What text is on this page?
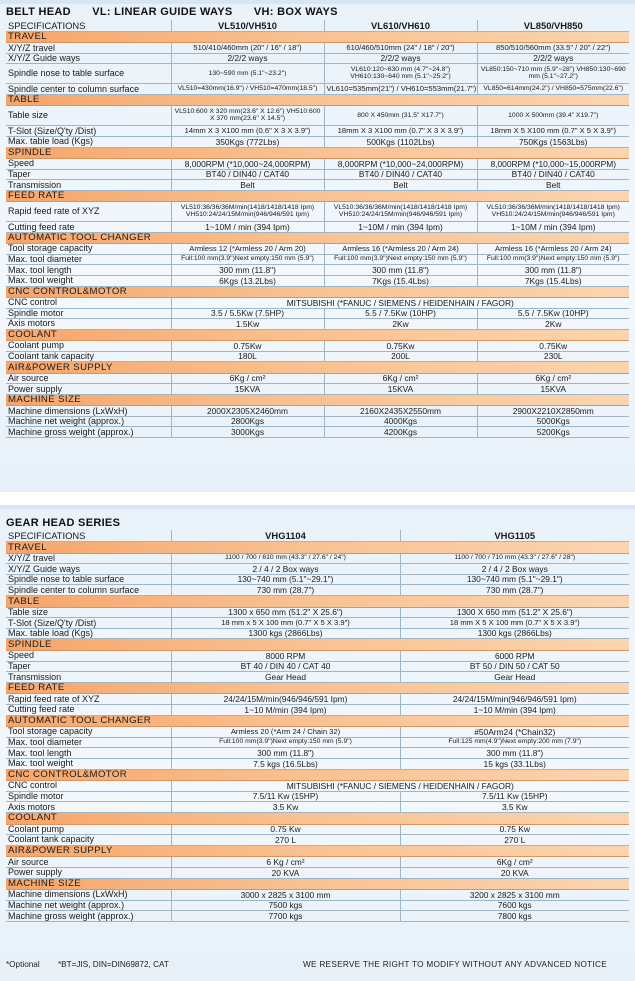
BELT HEAD VL: LINEAR GUIDE WAYS VH: BOX WAYS
SPECIFICATIONS	VL510/VH510	VL610/VH610	VL850/VH850
TRAVEL			
X/Y/Z travel	510/410/460mm (20" / 16" / 18")	610/460/510mm (24" / 18" / 20")	850/510/560mm (33.5" / 20" / 22")
X/Y/Z Guide ways	2/2/2 ways	2/2/2 ways	2/2/2 ways
Spindle nose to table surface	130~590 mm (5.1"~23.2")	VL610:120~630 mm (4.7"~24.8") VH610:130~640 mm (5.1"~25.2")	VL850:150~710 mm (5.9"~28") VH850:130~690 mm (5.1"~27.2")
Spindle center to column surface	VL510=430mm(16.9") / VH510=470mm(18.5")	VL610=535mm(21") / VH610=553mm(21.7")	VL850=614mm(24.2") / VH850=575mm(22.6")
TABLE			
Table size	VL510:600 X 320 mm(23.6" X 12.6") VH510:600 X 370 mm(23.6" X 14.5")	800 X 450mm (31.5" X17.7")	1000 X 500mm (39.4" X19.7")
T-Slot (Size/Q'ty /Dist)	14mm X 3 X100 mm (0.6" X 3 X 3.9")	18mm X 3 X100 mm (0.7" X 3 X 3.9")	18mm X 5 X100 mm (0.7" X 5 X 3.9")
Max. table load (Kgs)	350Kgs (772Lbs)	500Kgs (1102Lbs)	750Kgs (1563Lbs)
SPINDLE			
Speed	8,000RPM (*10,000~24,000RPM)	8,000RPM (*10,000~24,000RPM)	8,000RPM (*10,000~15,000RPM)
Taper	BT40 / DIN40 / CAT40	BT40 / DIN40 / CAT40	BT40 / DIN40 / CAT40
Transmission	Belt	Belt	Belt
FEED RATE			
Rapid feed rate of XYZ	VL510:36/36/36M/min(1418/1418/1418 Ipm) VH510:24/24/15M/min(946/946/591 Ipm)	VL510:36/36/36M/min(1418/1418/1418 Ipm) VH510:24/24/15M/min(946/946/591 Ipm)	VL510:36/36/36M/min(1418/1418/1418 Ipm) VH510:24/24/15M/min(946/946/591 Ipm)
Cutting feed rate	1~10M / min (394 Ipm)	1~10M / min (394 Ipm)	1~10M / min (394 Ipm)
AUTOMATIC TOOL CHANGER			
Tool storage capacity	Armless 12 (*Armless 20 / Arm 20)	Armless 16 (*Armless 20 / Arm 24)	Armless 16 (*Armless 20 / Arm 24)
Max. tool diameter	Full:100 mm(3.9")Next empty:150 mm (5.9")	Full:100 mm(3.9")Next empty:150 mm (5.9")	Full:100 mm(3.9")Next empty:150 mm (5.9")
Max. tool length	300 mm (11.8")	300 mm (11.8")	300 mm (11.8")
Max. tool weight	6Kgs (13.2Lbs)	7Kgs (15.4Lbs)	7Kgs (15.4Lbs)
CNC CONTROL&MOTOR			
CNC control	MITSUBISHI (*FANUC / SIEMENS / HEIDENHAIN / FAGOR)		
Spindle motor	3.5 / 5.5Kw (7.5HP)	5.5 / 7.5Kw (10HP)	5.5 / 7.5Kw (10HP)
Axis motors	1.5Kw	2Kw	2Kw
COOLANT			
Coolant pump	0.75Kw	0.75Kw	0.75Kw
Coolant tank capacity	180L	200L	230L
AIR&POWER SUPPLY			
Air source	6Kg / cm²	6Kg / cm²	6Kg / cm²
Power supply	15KVA	15KVA	15KVA
MACHINE SIZE			
Machine dimensions (LxWxH)	2000X2305X2460mm	2160X2435X2550mm	2900X2210X2850mm
Machine net weight (approx.)	2800Kgs	4000Kgs	5000Kgs
Machine gross weight (approx.)	3000Kgs	4200Kgs	5200Kgs
GEAR HEAD SERIES
SPECIFICATIONS	VHG1104	VHG1105
TRAVEL		
X/Y/Z travel	1100 / 700 / 610 mm (43.3" / 27.6" / 24")	1100 / 700 / 710 mm (43.3" / 27.6" / 28")
X/Y/Z Guide ways	2 / 4 / 2 Box ways	2 / 4 / 2 Box ways
Spindle nose to table surface	130~740 mm (5.1"~29.1")	130~740 mm (5.1"~29.1")
Spindle center to column surface	730 mm (28.7")	730 mm (28.7")
TABLE		
Table size	1300 x 650 mm (51.2" X 25.6")	1300 X 650 mm (51.2" X 25.6")
T-Slot (Size/Q'ty /Dist)	18 mm x 5 X 100 mm (0.7" X 5 X 3.9")	18 mm X 5 X 100 mm (0.7" X 5 X 3.9")
Max. table load (Kgs)	1300 kgs (2866Lbs)	1300 kgs (2866Lbs)
SPINDLE		
Speed	8000 RPM	6000 RPM
Taper	BT 40 / DIN 40 / CAT 40	BT 50 / DIN 50 / CAT 50
Transmission	Gear Head	Gear Head
FEED RATE		
Rapid feed rate of XYZ	24/24/15M/min(946/946/591 Ipm)	24/24/15M/min(946/946/591 Ipm)
Cutting feed rate	1~10 M/min (394 Ipm)	1~10 M/min (394 Ipm)
AUTOMATIC TOOL CHANGER		
Tool storage capacity	Armless 20 (*Arm 24 / Chain 32)	#50Arm24 (*Chain32)
Max. tool diameter	Full:100 mm(3.9")Next empty:150 mm (5.9")	Full:125 mm(4.9")Next empty:200 mm (7.9")
Max. tool length	300 mm (11.8")	300 mm (11.8")
Max. tool weight	7.5 kgs (16.5Lbs)	15 kgs (33.1Lbs)
CNC CONTROL&MOTOR		
CNC control	MITSUBISHI (*FANUC / SIEMENS / HEIDENHAIN / FAGOR)	
Spindle motor	7.5/11 Kw (15HP)	7.5/11 Kw (15HP)
Axis motors	3.5 Kw	3.5 Kw
COOLANT		
Coolant pump	0.75 Kw	0.75 Kw
Coolant tank capacity	270 L	270 L
AIR&POWER SUPPLY		
Air source	6 Kg / cm²	6Kg / cm²
Power supply	20 KVA	20 KVA
MACHINE SIZE		
Machine dimensions (LxWxH)	3000 x 2825 x 3100 mm	3200 x 2825 x 3100 mm
Machine net weight (approx.)	7500 kgs	7600 kgs
Machine gross weight (approx.)	7700 kgs	7800 kgs
*Optional *BT=JIS, DIN=DIN69872, CAT	WE RESERVE THE RIGHT TO MODIFY WITHOUT ANY ADVANCED NOTICE
